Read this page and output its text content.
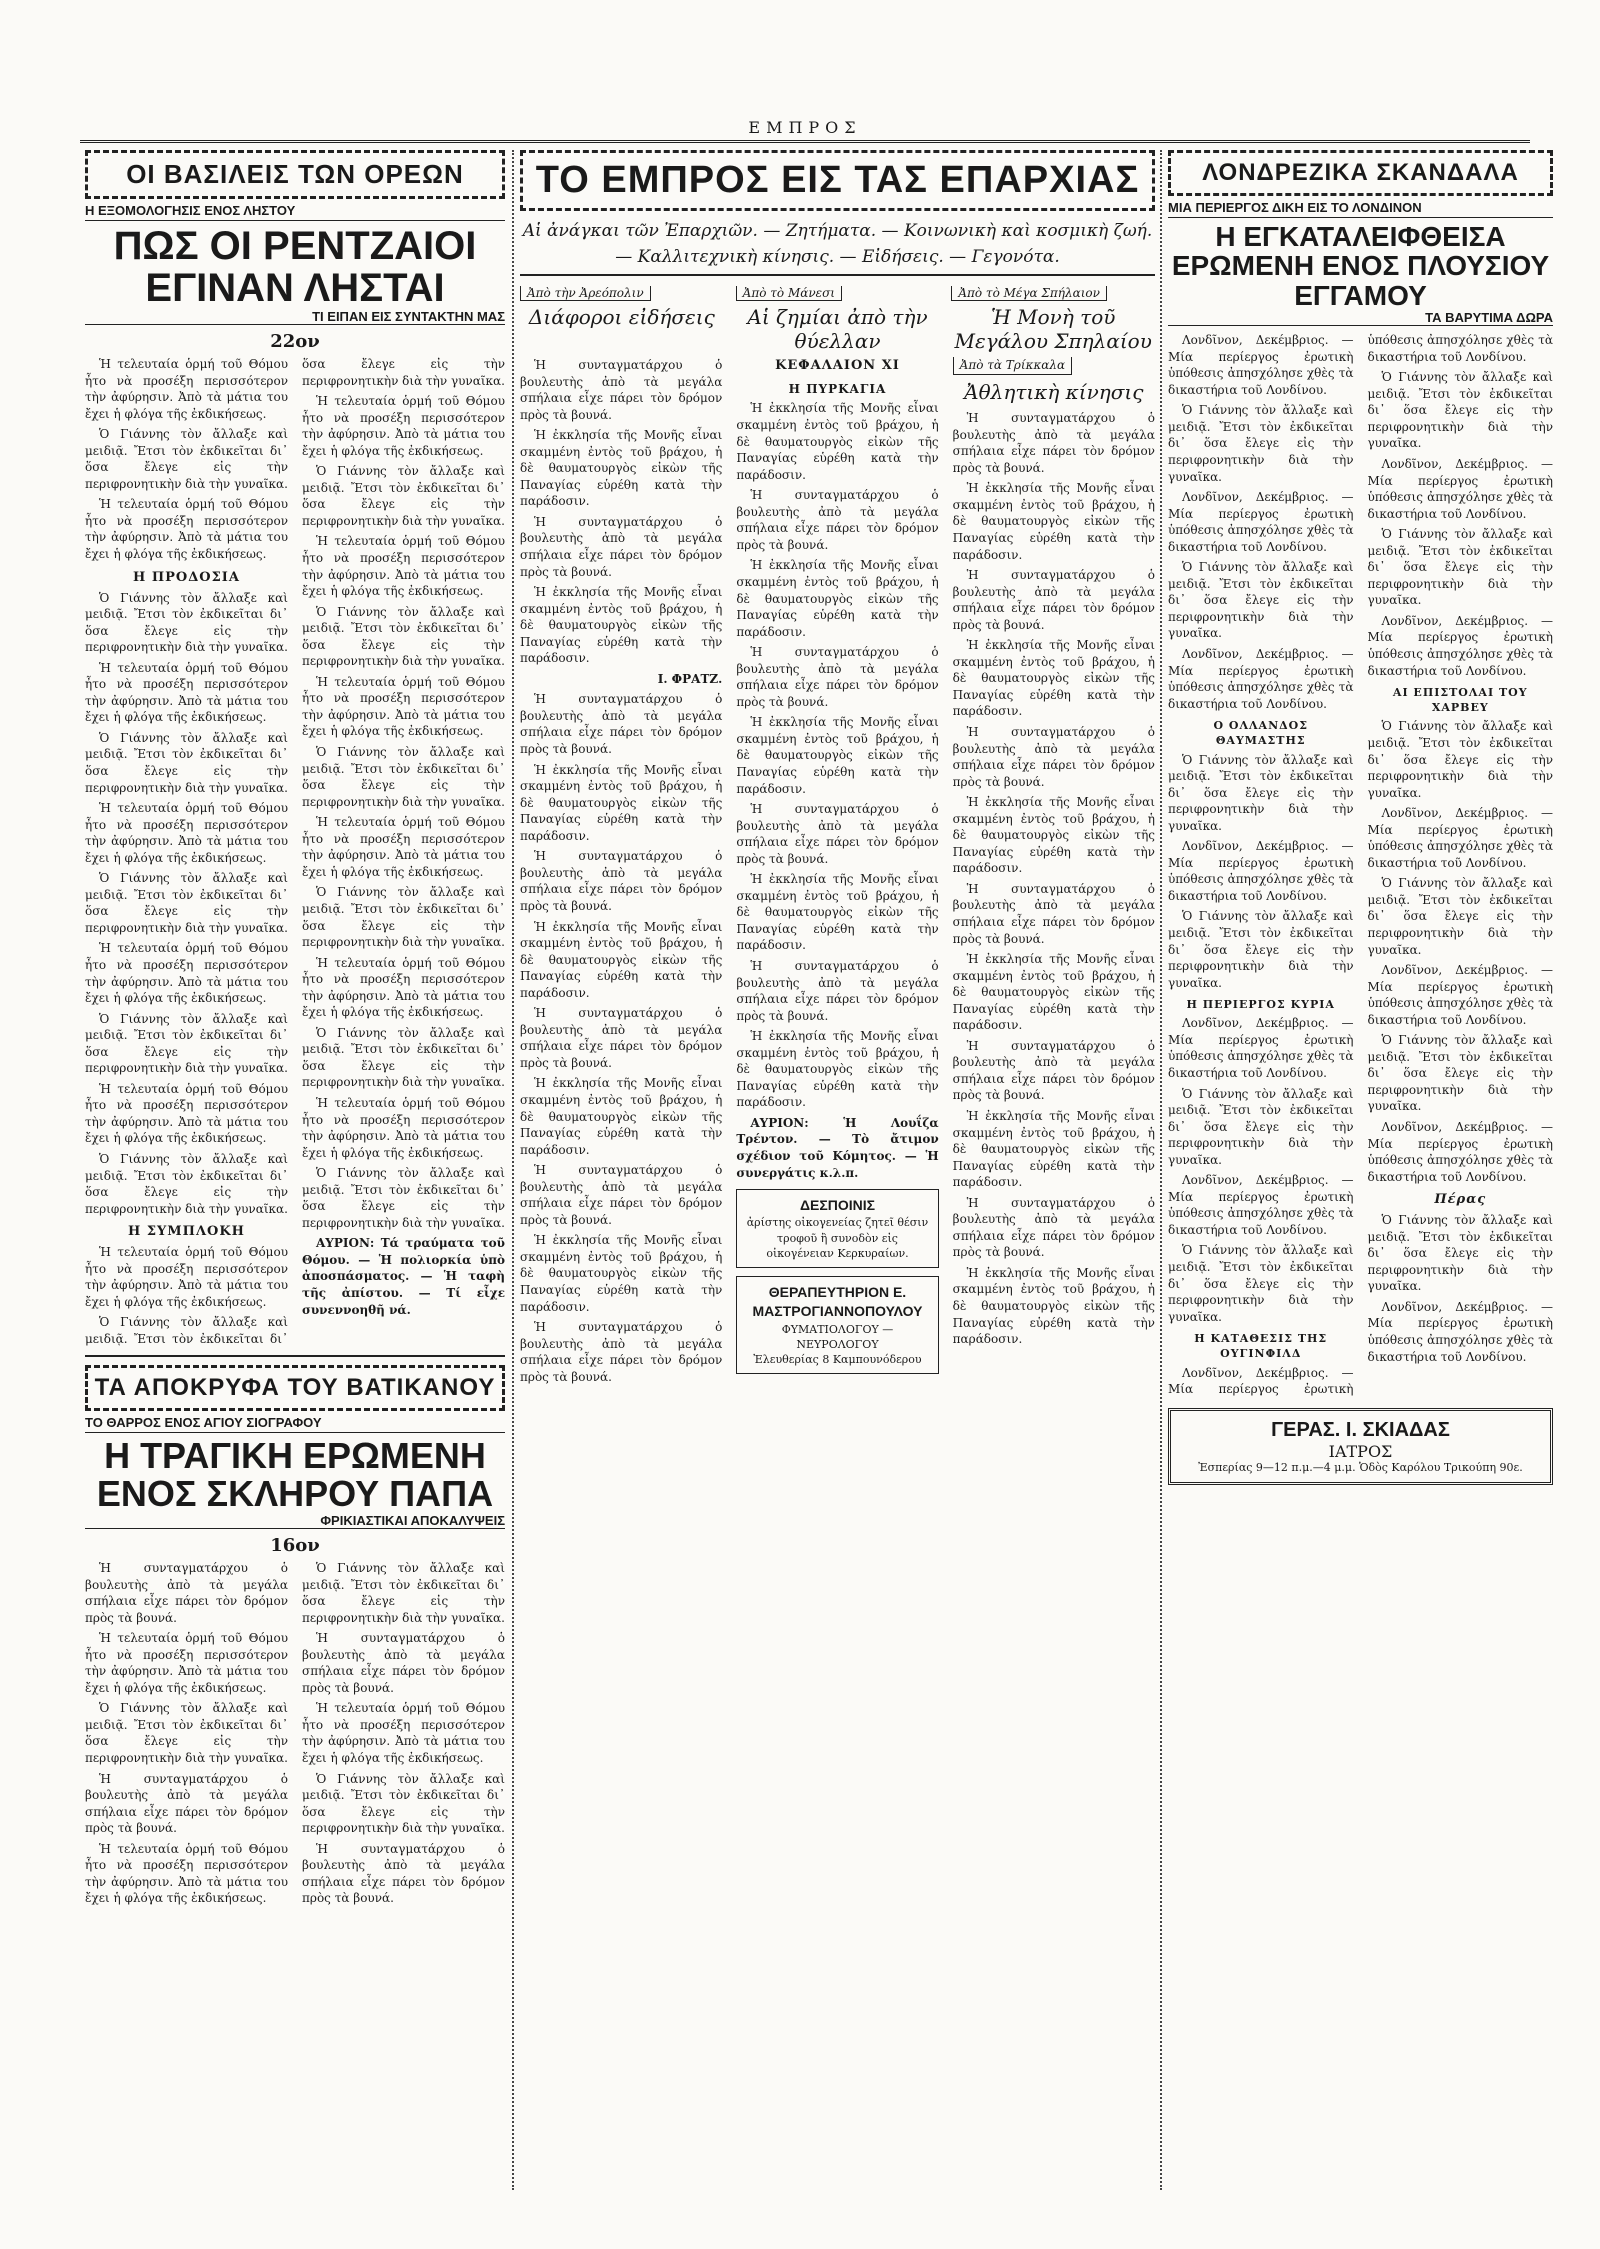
ΕΜΠΡΟΣ
ΟΙ ΒΑΣΙΛΕΙΣ ΤΩΝ ΟΡΕΩΝ
Η ΕΞΟΜΟΛΟΓΗΣΙΣ ΕΝΟΣ ΛΗΣΤΟΥ
ΠΩΣ ΟΙ ΡΕΝΤΖΑΙΟΙ ΕΓΙΝΑΝ ΛΗΣΤΑΙ
ΤΙ ΕΙΠΑΝ ΕΙΣ ΣΥΝΤΑΚΤΗΝ ΜΑΣ
22ον

Ἡ τελευταία ὁρμή τοῦ Θόμου ἦτο νὰ προσέξη περισσότερον τὴν ἀφύρησιν. Ἀπὸ τὰ μάτια του ἔχει ἡ φλόγα τῆς ἐκδικήσεως.

Ὁ Γιάννης τὸν ἄλλαξε καὶ μειδιᾷ. Ἔτσι τὸν ἐκδικεῖται δι᾽ ὅσα ἔλεγε εἰς τὴν περιφρονητικὴν διὰ τὴν γυναῖκα.

Ἡ τελευταία ὁρμή τοῦ Θόμου ἦτο νὰ προσέξη περισσότερον τὴν ἀφύρησιν. Ἀπὸ τὰ μάτια του ἔχει ἡ φλόγα τῆς ἐκδικήσεως.

Η ΠΡΟΔΟΣΙΑ

Ὁ Γιάννης τὸν ἄλλαξε καὶ μειδιᾷ. Ἔτσι τὸν ἐκδικεῖται δι᾽ ὅσα ἔλεγε εἰς τὴν περιφρονητικὴν διὰ τὴν γυναῖκα.

Ἡ τελευταία ὁρμή τοῦ Θόμου ἦτο νὰ προσέξη περισσότερον τὴν ἀφύρησιν. Ἀπὸ τὰ μάτια του ἔχει ἡ φλόγα τῆς ἐκδικήσεως.

Ὁ Γιάννης τὸν ἄλλαξε καὶ μειδιᾷ. Ἔτσι τὸν ἐκδικεῖται δι᾽ ὅσα ἔλεγε εἰς τὴν περιφρονητικὴν διὰ τὴν γυναῖκα.

Ἡ τελευταία ὁρμή τοῦ Θόμου ἦτο νὰ προσέξη περισσότερον τὴν ἀφύρησιν. Ἀπὸ τὰ μάτια του ἔχει ἡ φλόγα τῆς ἐκδικήσεως.

Ὁ Γιάννης τὸν ἄλλαξε καὶ μειδιᾷ. Ἔτσι τὸν ἐκδικεῖται δι᾽ ὅσα ἔλεγε εἰς τὴν περιφρονητικὴν διὰ τὴν γυναῖκα.

Ἡ τελευταία ὁρμή τοῦ Θόμου ἦτο νὰ προσέξη περισσότερον τὴν ἀφύρησιν. Ἀπὸ τὰ μάτια του ἔχει ἡ φλόγα τῆς ἐκδικήσεως.

Ὁ Γιάννης τὸν ἄλλαξε καὶ μειδιᾷ. Ἔτσι τὸν ἐκδικεῖται δι᾽ ὅσα ἔλεγε εἰς τὴν περιφρονητικὴν διὰ τὴν γυναῖκα.

Ἡ τελευταία ὁρμή τοῦ Θόμου ἦτο νὰ προσέξη περισσότερον τὴν ἀφύρησιν. Ἀπὸ τὰ μάτια του ἔχει ἡ φλόγα τῆς ἐκδικήσεως.

Ὁ Γιάννης τὸν ἄλλαξε καὶ μειδιᾷ. Ἔτσι τὸν ἐκδικεῖται δι᾽ ὅσα ἔλεγε εἰς τὴν περιφρονητικὴν διὰ τὴν γυναῖκα.

Η ΣΥΜΠΛΟΚΗ

Ἡ τελευταία ὁρμή τοῦ Θόμου ἦτο νὰ προσέξη περισσότερον τὴν ἀφύρησιν. Ἀπὸ τὰ μάτια του ἔχει ἡ φλόγα τῆς ἐκδικήσεως.

Ὁ Γιάννης τὸν ἄλλαξε καὶ μειδιᾷ. Ἔτσι τὸν ἐκδικεῖται δι᾽ ὅσα ἔλεγε εἰς τὴν περιφρονητικὴν διὰ τὴν γυναῖκα.

Ἡ τελευταία ὁρμή τοῦ Θόμου ἦτο νὰ προσέξη περισσότερον τὴν ἀφύρησιν. Ἀπὸ τὰ μάτια του ἔχει ἡ φλόγα τῆς ἐκδικήσεως.

Ὁ Γιάννης τὸν ἄλλαξε καὶ μειδιᾷ. Ἔτσι τὸν ἐκδικεῖται δι᾽ ὅσα ἔλεγε εἰς τὴν περιφρονητικὴν διὰ τὴν γυναῖκα.

Ἡ τελευταία ὁρμή τοῦ Θόμου ἦτο νὰ προσέξη περισσότερον τὴν ἀφύρησιν. Ἀπὸ τὰ μάτια του ἔχει ἡ φλόγα τῆς ἐκδικήσεως.

Ὁ Γιάννης τὸν ἄλλαξε καὶ μειδιᾷ. Ἔτσι τὸν ἐκδικεῖται δι᾽ ὅσα ἔλεγε εἰς τὴν περιφρονητικὴν διὰ τὴν γυναῖκα.

Ἡ τελευταία ὁρμή τοῦ Θόμου ἦτο νὰ προσέξη περισσότερον τὴν ἀφύρησιν. Ἀπὸ τὰ μάτια του ἔχει ἡ φλόγα τῆς ἐκδικήσεως.

Ὁ Γιάννης τὸν ἄλλαξε καὶ μειδιᾷ. Ἔτσι τὸν ἐκδικεῖται δι᾽ ὅσα ἔλεγε εἰς τὴν περιφρονητικὴν διὰ τὴν γυναῖκα.

Ἡ τελευταία ὁρμή τοῦ Θόμου ἦτο νὰ προσέξη περισσότερον τὴν ἀφύρησιν. Ἀπὸ τὰ μάτια του ἔχει ἡ φλόγα τῆς ἐκδικήσεως.

Ὁ Γιάννης τὸν ἄλλαξε καὶ μειδιᾷ. Ἔτσι τὸν ἐκδικεῖται δι᾽ ὅσα ἔλεγε εἰς τὴν περιφρονητικὴν διὰ τὴν γυναῖκα.

Ἡ τελευταία ὁρμή τοῦ Θόμου ἦτο νὰ προσέξη περισσότερον τὴν ἀφύρησιν. Ἀπὸ τὰ μάτια του ἔχει ἡ φλόγα τῆς ἐκδικήσεως.

Ὁ Γιάννης τὸν ἄλλαξε καὶ μειδιᾷ. Ἔτσι τὸν ἐκδικεῖται δι᾽ ὅσα ἔλεγε εἰς τὴν περιφρονητικὴν διὰ τὴν γυναῖκα.

Ἡ τελευταία ὁρμή τοῦ Θόμου ἦτο νὰ προσέξη περισσότερον τὴν ἀφύρησιν. Ἀπὸ τὰ μάτια του ἔχει ἡ φλόγα τῆς ἐκδικήσεως.

Ὁ Γιάννης τὸν ἄλλαξε καὶ μειδιᾷ. Ἔτσι τὸν ἐκδικεῖται δι᾽ ὅσα ἔλεγε εἰς τὴν περιφρονητικὴν διὰ τὴν γυναῖκα.

ΑΥΡΙΟΝ: Τά τραύματα τοῦ Θόμου. — Ἡ πολιορκία ὑπὸ ἀποσπάσματος. — Ἡ ταφὴ τῆς ἀπίστου. — Τί εἶχε συνεννοηθῆ νά.

ΤΑ ΑΠΟΚΡΥΦΑ ΤΟΥ ΒΑΤΙΚΑΝΟΥ
ΤΟ ΘΑΡΡΟΣ ΕΝΟΣ ΑΓΙΟΥ ΣΙΟΓΡΑΦΟΥ
Η ΤΡΑΓΙΚΗ ΕΡΩΜΕΝΗ ΕΝΟΣ ΣΚΛΗΡΟΥ ΠΑΠΑ
ΦΡΙΚΙΑΣΤΙΚΑΙ ΑΠΟΚΑΛΥΨΕΙΣ
16ον

Ἡ συνταγματάρχου ὁ βουλευτὴς ἀπὸ τὰ μεγάλα σπήλαια εἶχε πάρει τὸν δρόμον πρὸς τὰ βουνά.

Ἡ τελευταία ὁρμή τοῦ Θόμου ἦτο νὰ προσέξη περισσότερον τὴν ἀφύρησιν. Ἀπὸ τὰ μάτια του ἔχει ἡ φλόγα τῆς ἐκδικήσεως.

Ὁ Γιάννης τὸν ἄλλαξε καὶ μειδιᾷ. Ἔτσι τὸν ἐκδικεῖται δι᾽ ὅσα ἔλεγε εἰς τὴν περιφρονητικὴν διὰ τὴν γυναῖκα.

Ἡ συνταγματάρχου ὁ βουλευτὴς ἀπὸ τὰ μεγάλα σπήλαια εἶχε πάρει τὸν δρόμον πρὸς τὰ βουνά.

Ἡ τελευταία ὁρμή τοῦ Θόμου ἦτο νὰ προσέξη περισσότερον τὴν ἀφύρησιν. Ἀπὸ τὰ μάτια του ἔχει ἡ φλόγα τῆς ἐκδικήσεως.

Ὁ Γιάννης τὸν ἄλλαξε καὶ μειδιᾷ. Ἔτσι τὸν ἐκδικεῖται δι᾽ ὅσα ἔλεγε εἰς τὴν περιφρονητικὴν διὰ τὴν γυναῖκα.

Ἡ συνταγματάρχου ὁ βουλευτὴς ἀπὸ τὰ μεγάλα σπήλαια εἶχε πάρει τὸν δρόμον πρὸς τὰ βουνά.

Ἡ τελευταία ὁρμή τοῦ Θόμου ἦτο νὰ προσέξη περισσότερον τὴν ἀφύρησιν. Ἀπὸ τὰ μάτια του ἔχει ἡ φλόγα τῆς ἐκδικήσεως.

Ὁ Γιάννης τὸν ἄλλαξε καὶ μειδιᾷ. Ἔτσι τὸν ἐκδικεῖται δι᾽ ὅσα ἔλεγε εἰς τὴν περιφρονητικὴν διὰ τὴν γυναῖκα.

Ἡ συνταγματάρχου ὁ βουλευτὴς ἀπὸ τὰ μεγάλα σπήλαια εἶχε πάρει τὸν δρόμον πρὸς τὰ βουνά.

ΤΟ ΕΜΠΡΟΣ ΕΙΣ ΤΑΣ ΕΠΑΡΧΙΑΣ
Αἱ ἀνάγκαι τῶν Ἐπαρχιῶν. — Ζητήματα. — Κοινωνικὴ καὶ κοσμικὴ ζωή. — Καλλιτεχνικὴ κίνησις. — Εἰδήσεις. — Γεγονότα.
Ἀπὸ τὴν Ἀρεόπολιν
Διάφοροι εἰδήσεις
Ἀπὸ τὸ Μάνεσι
Αἱ ζημίαι ἀπὸ τὴν θύελλαν
Ἀπὸ τὸ Μέγα Σπήλαιον
Ἡ Μονὴ τοῦ Μεγάλου Σπηλαίου

Ἡ συνταγματάρχου ὁ βουλευτὴς ἀπὸ τὰ μεγάλα σπήλαια εἶχε πάρει τὸν δρόμον πρὸς τὰ βουνά.

Ἡ ἐκκλησία τῆς Μονῆς εἶναι σκαμμένη ἐντὸς τοῦ βράχου, ἡ δὲ θαυματουργὸς εἰκὼν τῆς Παναγίας εὑρέθη κατὰ τὴν παράδοσιν.

Ἡ συνταγματάρχου ὁ βουλευτὴς ἀπὸ τὰ μεγάλα σπήλαια εἶχε πάρει τὸν δρόμον πρὸς τὰ βουνά.

Ἡ ἐκκλησία τῆς Μονῆς εἶναι σκαμμένη ἐντὸς τοῦ βράχου, ἡ δὲ θαυματουργὸς εἰκὼν τῆς Παναγίας εὑρέθη κατὰ τὴν παράδοσιν.

Ι. ΦΡΑΤΖ.

Ἡ συνταγματάρχου ὁ βουλευτὴς ἀπὸ τὰ μεγάλα σπήλαια εἶχε πάρει τὸν δρόμον πρὸς τὰ βουνά.

Ἡ ἐκκλησία τῆς Μονῆς εἶναι σκαμμένη ἐντὸς τοῦ βράχου, ἡ δὲ θαυματουργὸς εἰκὼν τῆς Παναγίας εὑρέθη κατὰ τὴν παράδοσιν.

Ἡ συνταγματάρχου ὁ βουλευτὴς ἀπὸ τὰ μεγάλα σπήλαια εἶχε πάρει τὸν δρόμον πρὸς τὰ βουνά.

Ἡ ἐκκλησία τῆς Μονῆς εἶναι σκαμμένη ἐντὸς τοῦ βράχου, ἡ δὲ θαυματουργὸς εἰκὼν τῆς Παναγίας εὑρέθη κατὰ τὴν παράδοσιν.

Ἡ συνταγματάρχου ὁ βουλευτὴς ἀπὸ τὰ μεγάλα σπήλαια εἶχε πάρει τὸν δρόμον πρὸς τὰ βουνά.

Ἡ ἐκκλησία τῆς Μονῆς εἶναι σκαμμένη ἐντὸς τοῦ βράχου, ἡ δὲ θαυματουργὸς εἰκὼν τῆς Παναγίας εὑρέθη κατὰ τὴν παράδοσιν.

Ἡ συνταγματάρχου ὁ βουλευτὴς ἀπὸ τὰ μεγάλα σπήλαια εἶχε πάρει τὸν δρόμον πρὸς τὰ βουνά.

Ἡ ἐκκλησία τῆς Μονῆς εἶναι σκαμμένη ἐντὸς τοῦ βράχου, ἡ δὲ θαυματουργὸς εἰκὼν τῆς Παναγίας εὑρέθη κατὰ τὴν παράδοσιν.

Ἡ συνταγματάρχου ὁ βουλευτὴς ἀπὸ τὰ μεγάλα σπήλαια εἶχε πάρει τὸν δρόμον πρὸς τὰ βουνά.

ΚΕΦΑΛΑΙΟΝ XI
Η ΠΥΡΚΑΓΙΑ

Ἡ ἐκκλησία τῆς Μονῆς εἶναι σκαμμένη ἐντὸς τοῦ βράχου, ἡ δὲ θαυματουργὸς εἰκὼν τῆς Παναγίας εὑρέθη κατὰ τὴν παράδοσιν.

Ἡ συνταγματάρχου ὁ βουλευτὴς ἀπὸ τὰ μεγάλα σπήλαια εἶχε πάρει τὸν δρόμον πρὸς τὰ βουνά.

Ἡ ἐκκλησία τῆς Μονῆς εἶναι σκαμμένη ἐντὸς τοῦ βράχου, ἡ δὲ θαυματουργὸς εἰκὼν τῆς Παναγίας εὑρέθη κατὰ τὴν παράδοσιν.

Ἡ συνταγματάρχου ὁ βουλευτὴς ἀπὸ τὰ μεγάλα σπήλαια εἶχε πάρει τὸν δρόμον πρὸς τὰ βουνά.

Ἡ ἐκκλησία τῆς Μονῆς εἶναι σκαμμένη ἐντὸς τοῦ βράχου, ἡ δὲ θαυματουργὸς εἰκὼν τῆς Παναγίας εὑρέθη κατὰ τὴν παράδοσιν.

Ἡ συνταγματάρχου ὁ βουλευτὴς ἀπὸ τὰ μεγάλα σπήλαια εἶχε πάρει τὸν δρόμον πρὸς τὰ βουνά.

Ἡ ἐκκλησία τῆς Μονῆς εἶναι σκαμμένη ἐντὸς τοῦ βράχου, ἡ δὲ θαυματουργὸς εἰκὼν τῆς Παναγίας εὑρέθη κατὰ τὴν παράδοσιν.

Ἡ συνταγματάρχου ὁ βουλευτὴς ἀπὸ τὰ μεγάλα σπήλαια εἶχε πάρει τὸν δρόμον πρὸς τὰ βουνά.

Ἡ ἐκκλησία τῆς Μονῆς εἶναι σκαμμένη ἐντὸς τοῦ βράχου, ἡ δὲ θαυματουργὸς εἰκὼν τῆς Παναγίας εὑρέθη κατὰ τὴν παράδοσιν.

ΑΥΡΙΟΝ: Ἡ Λουΐζα Τρέντον. — Τὸ ἄτιμον σχέδιον τοῦ Κόμητος. — Ἡ συνεργάτις κ.λ.π.

ΔΕΣΠΟΙΝΙΣ
ἀρίστης οἰκογενείας ζητεῖ θέσιν τροφοῦ ἢ συνοδὸν εἰς οἰκογένειαν Κερκυραίων.
ΘΕΡΑΠΕΥΤΗΡΙΟΝ Ε. ΜΑΣΤΡΟΓΙΑΝΝΟΠΟΥΛΟΥ
ΦΥΜΑΤΙΟΛΟΓΟΥ — ΝΕΥΡΟΛΟΓΟΥ
Ἐλευθερίας 8 Καμπουνόδερου
Ἀπὸ τὰ Τρίκκαλα
Ἀθλητικὴ κίνησις

Ἡ συνταγματάρχου ὁ βουλευτὴς ἀπὸ τὰ μεγάλα σπήλαια εἶχε πάρει τὸν δρόμον πρὸς τὰ βουνά.

Ἡ ἐκκλησία τῆς Μονῆς εἶναι σκαμμένη ἐντὸς τοῦ βράχου, ἡ δὲ θαυματουργὸς εἰκὼν τῆς Παναγίας εὑρέθη κατὰ τὴν παράδοσιν.

Ἡ συνταγματάρχου ὁ βουλευτὴς ἀπὸ τὰ μεγάλα σπήλαια εἶχε πάρει τὸν δρόμον πρὸς τὰ βουνά.

Ἡ ἐκκλησία τῆς Μονῆς εἶναι σκαμμένη ἐντὸς τοῦ βράχου, ἡ δὲ θαυματουργὸς εἰκὼν τῆς Παναγίας εὑρέθη κατὰ τὴν παράδοσιν.

Ἡ συνταγματάρχου ὁ βουλευτὴς ἀπὸ τὰ μεγάλα σπήλαια εἶχε πάρει τὸν δρόμον πρὸς τὰ βουνά.

Ἡ ἐκκλησία τῆς Μονῆς εἶναι σκαμμένη ἐντὸς τοῦ βράχου, ἡ δὲ θαυματουργὸς εἰκὼν τῆς Παναγίας εὑρέθη κατὰ τὴν παράδοσιν.

Ἡ συνταγματάρχου ὁ βουλευτὴς ἀπὸ τὰ μεγάλα σπήλαια εἶχε πάρει τὸν δρόμον πρὸς τὰ βουνά.

Ἡ ἐκκλησία τῆς Μονῆς εἶναι σκαμμένη ἐντὸς τοῦ βράχου, ἡ δὲ θαυματουργὸς εἰκὼν τῆς Παναγίας εὑρέθη κατὰ τὴν παράδοσιν.

Ἡ συνταγματάρχου ὁ βουλευτὴς ἀπὸ τὰ μεγάλα σπήλαια εἶχε πάρει τὸν δρόμον πρὸς τὰ βουνά.

Ἡ ἐκκλησία τῆς Μονῆς εἶναι σκαμμένη ἐντὸς τοῦ βράχου, ἡ δὲ θαυματουργὸς εἰκὼν τῆς Παναγίας εὑρέθη κατὰ τὴν παράδοσιν.

Ἡ συνταγματάρχου ὁ βουλευτὴς ἀπὸ τὰ μεγάλα σπήλαια εἶχε πάρει τὸν δρόμον πρὸς τὰ βουνά.

Ἡ ἐκκλησία τῆς Μονῆς εἶναι σκαμμένη ἐντὸς τοῦ βράχου, ἡ δὲ θαυματουργὸς εἰκὼν τῆς Παναγίας εὑρέθη κατὰ τὴν παράδοσιν.

ΛΟΝΔΡΕΖΙΚΑ ΣΚΑΝΔΑΛΑ
ΜΙΑ ΠΕΡΙΕΡΓΟΣ ΔΙΚΗ ΕΙΣ ΤΟ ΛΟΝΔΙΝΟΝ
Η ΕΓΚΑΤΑΛΕΙΦΘΕΙΣΑ ΕΡΩΜΕΝΗ ΕΝΟΣ ΠΛΟΥΣΙΟΥ ΕΓΓΑΜΟΥ
ΤΑ ΒΑΡΥΤΙΜΑ ΔΩΡΑ

Λονδῖνον, Δεκέμβριος. — Μία περίεργος ἐρωτικὴ ὑπόθεσις ἀπησχόλησε χθὲς τὰ δικαστήρια τοῦ Λονδίνου.

Ὁ Γιάννης τὸν ἄλλαξε καὶ μειδιᾷ. Ἔτσι τὸν ἐκδικεῖται δι᾽ ὅσα ἔλεγε εἰς τὴν περιφρονητικὴν διὰ τὴν γυναῖκα.

Λονδῖνον, Δεκέμβριος. — Μία περίεργος ἐρωτικὴ ὑπόθεσις ἀπησχόλησε χθὲς τὰ δικαστήρια τοῦ Λονδίνου.

Ὁ Γιάννης τὸν ἄλλαξε καὶ μειδιᾷ. Ἔτσι τὸν ἐκδικεῖται δι᾽ ὅσα ἔλεγε εἰς τὴν περιφρονητικὴν διὰ τὴν γυναῖκα.

Λονδῖνον, Δεκέμβριος. — Μία περίεργος ἐρωτικὴ ὑπόθεσις ἀπησχόλησε χθὲς τὰ δικαστήρια τοῦ Λονδίνου.

Ο ΟΛΛΑΝΔΟΣ ΘΑΥΜΑΣΤΗΣ

Ὁ Γιάννης τὸν ἄλλαξε καὶ μειδιᾷ. Ἔτσι τὸν ἐκδικεῖται δι᾽ ὅσα ἔλεγε εἰς τὴν περιφρονητικὴν διὰ τὴν γυναῖκα.

Λονδῖνον, Δεκέμβριος. — Μία περίεργος ἐρωτικὴ ὑπόθεσις ἀπησχόλησε χθὲς τὰ δικαστήρια τοῦ Λονδίνου.

Ὁ Γιάννης τὸν ἄλλαξε καὶ μειδιᾷ. Ἔτσι τὸν ἐκδικεῖται δι᾽ ὅσα ἔλεγε εἰς τὴν περιφρονητικὴν διὰ τὴν γυναῖκα.

Η ΠΕΡΙΕΡΓΟΣ ΚΥΡΙΑ

Λονδῖνον, Δεκέμβριος. — Μία περίεργος ἐρωτικὴ ὑπόθεσις ἀπησχόλησε χθὲς τὰ δικαστήρια τοῦ Λονδίνου.

Ὁ Γιάννης τὸν ἄλλαξε καὶ μειδιᾷ. Ἔτσι τὸν ἐκδικεῖται δι᾽ ὅσα ἔλεγε εἰς τὴν περιφρονητικὴν διὰ τὴν γυναῖκα.

Λονδῖνον, Δεκέμβριος. — Μία περίεργος ἐρωτικὴ ὑπόθεσις ἀπησχόλησε χθὲς τὰ δικαστήρια τοῦ Λονδίνου.

Ὁ Γιάννης τὸν ἄλλαξε καὶ μειδιᾷ. Ἔτσι τὸν ἐκδικεῖται δι᾽ ὅσα ἔλεγε εἰς τὴν περιφρονητικὴν διὰ τὴν γυναῖκα.

Η ΚΑΤΑΘΕΣΙΣ ΤΗΣ ΟΥΓΙΝΦΙΛΔ

Λονδῖνον, Δεκέμβριος. — Μία περίεργος ἐρωτικὴ ὑπόθεσις ἀπησχόλησε χθὲς τὰ δικαστήρια τοῦ Λονδίνου.

Ὁ Γιάννης τὸν ἄλλαξε καὶ μειδιᾷ. Ἔτσι τὸν ἐκδικεῖται δι᾽ ὅσα ἔλεγε εἰς τὴν περιφρονητικὴν διὰ τὴν γυναῖκα.

Λονδῖνον, Δεκέμβριος. — Μία περίεργος ἐρωτικὴ ὑπόθεσις ἀπησχόλησε χθὲς τὰ δικαστήρια τοῦ Λονδίνου.

Ὁ Γιάννης τὸν ἄλλαξε καὶ μειδιᾷ. Ἔτσι τὸν ἐκδικεῖται δι᾽ ὅσα ἔλεγε εἰς τὴν περιφρονητικὴν διὰ τὴν γυναῖκα.

Λονδῖνον, Δεκέμβριος. — Μία περίεργος ἐρωτικὴ ὑπόθεσις ἀπησχόλησε χθὲς τὰ δικαστήρια τοῦ Λονδίνου.

ΑΙ ΕΠΙΣΤΟΛΑΙ ΤΟΥ ΧΑΡΒΕΥ

Ὁ Γιάννης τὸν ἄλλαξε καὶ μειδιᾷ. Ἔτσι τὸν ἐκδικεῖται δι᾽ ὅσα ἔλεγε εἰς τὴν περιφρονητικὴν διὰ τὴν γυναῖκα.

Λονδῖνον, Δεκέμβριος. — Μία περίεργος ἐρωτικὴ ὑπόθεσις ἀπησχόλησε χθὲς τὰ δικαστήρια τοῦ Λονδίνου.

Ὁ Γιάννης τὸν ἄλλαξε καὶ μειδιᾷ. Ἔτσι τὸν ἐκδικεῖται δι᾽ ὅσα ἔλεγε εἰς τὴν περιφρονητικὴν διὰ τὴν γυναῖκα.

Λονδῖνον, Δεκέμβριος. — Μία περίεργος ἐρωτικὴ ὑπόθεσις ἀπησχόλησε χθὲς τὰ δικαστήρια τοῦ Λονδίνου.

Ὁ Γιάννης τὸν ἄλλαξε καὶ μειδιᾷ. Ἔτσι τὸν ἐκδικεῖται δι᾽ ὅσα ἔλεγε εἰς τὴν περιφρονητικὴν διὰ τὴν γυναῖκα.

Λονδῖνον, Δεκέμβριος. — Μία περίεργος ἐρωτικὴ ὑπόθεσις ἀπησχόλησε χθὲς τὰ δικαστήρια τοῦ Λονδίνου.

Πέρας

Ὁ Γιάννης τὸν ἄλλαξε καὶ μειδιᾷ. Ἔτσι τὸν ἐκδικεῖται δι᾽ ὅσα ἔλεγε εἰς τὴν περιφρονητικὴν διὰ τὴν γυναῖκα.

Λονδῖνον, Δεκέμβριος. — Μία περίεργος ἐρωτικὴ ὑπόθεσις ἀπησχόλησε χθὲς τὰ δικαστήρια τοῦ Λονδίνου.

ΓΕΡΑΣ. Ι. ΣΚΙΑΔΑΣ
ΙΑΤΡΟΣ
Ἐσπερίας 9—12 π.μ.—4 μ.μ. Ὁδὸς Καρόλου Τρικούπη 90ε.
